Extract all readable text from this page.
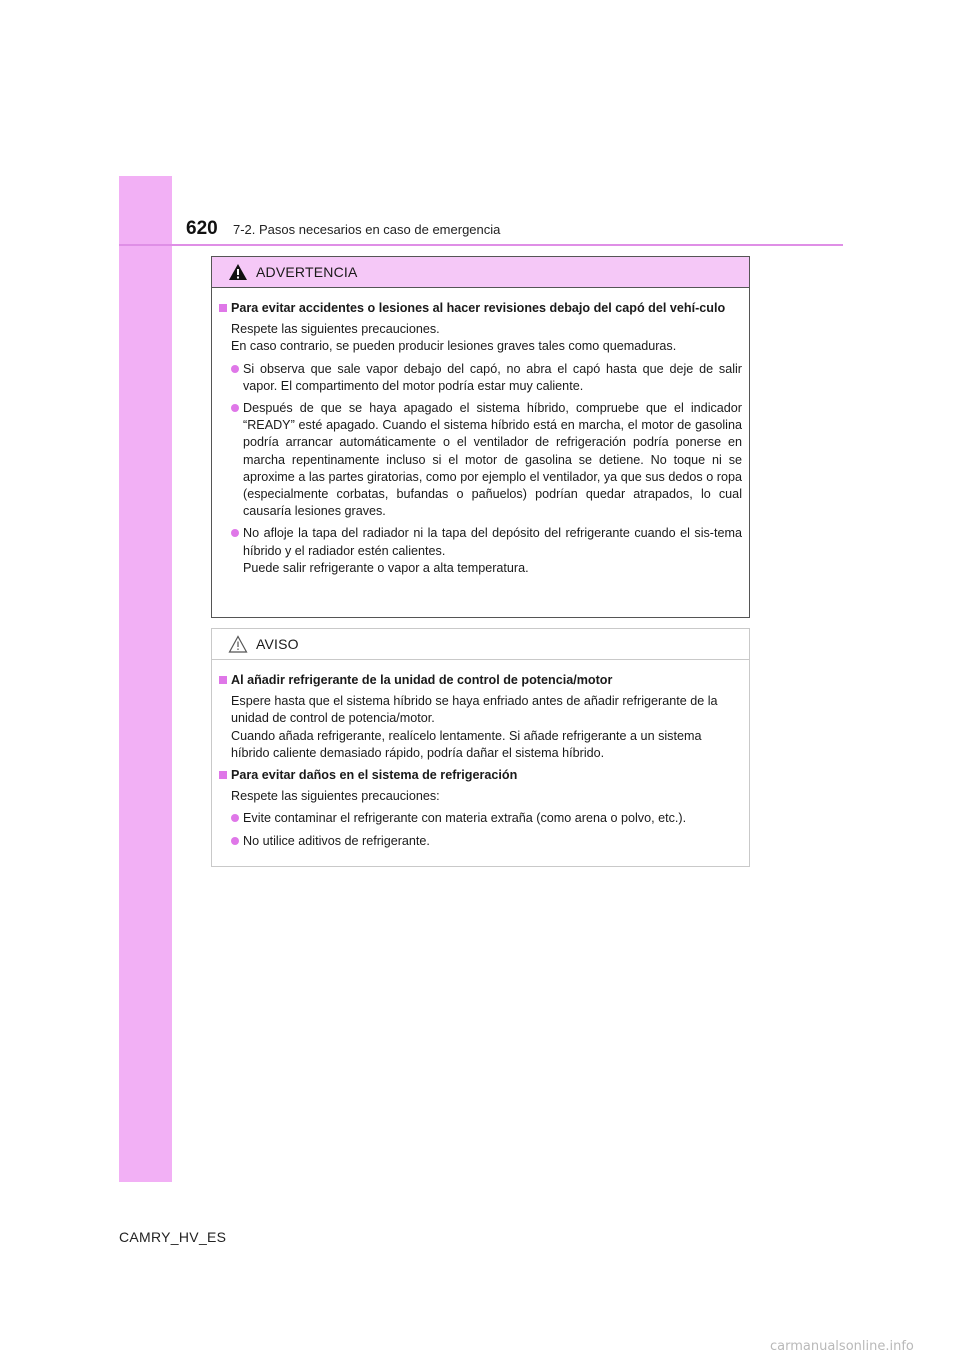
620 7-2. Pasos necesarios en caso de emergencia
ADVERTENCIA
Para evitar accidentes o lesiones al hacer revisiones debajo del capó del vehí-culo
Respete las siguientes precauciones.
En caso contrario, se pueden producir lesiones graves tales como quemaduras.
Si observa que sale vapor debajo del capó, no abra el capó hasta que deje de salir vapor. El compartimento del motor podría estar muy caliente.
Después de que se haya apagado el sistema híbrido, compruebe que el indicador “READY” esté apagado. Cuando el sistema híbrido está en marcha, el motor de gasolina podría arrancar automáticamente o el ventilador de refrigeración podría ponerse en marcha repentinamente incluso si el motor de gasolina se detiene. No toque ni se aproxime a las partes giratorias, como por ejemplo el ventilador, ya que sus dedos o ropa (especialmente corbatas, bufandas o pañuelos) podrían quedar atrapados, lo cual causaría lesiones graves.
No afloje la tapa del radiador ni la tapa del depósito del refrigerante cuando el sis-tema híbrido y el radiador estén calientes.
Puede salir refrigerante o vapor a alta temperatura.
AVISO
Al añadir refrigerante de la unidad de control de potencia/motor
Espere hasta que el sistema híbrido se haya enfriado antes de añadir refrigerante de la unidad de control de potencia/motor.
Cuando añada refrigerante, realícelo lentamente. Si añade refrigerante a un sistema híbrido caliente demasiado rápido, podría dañar el sistema híbrido.
Para evitar daños en el sistema de refrigeración
Respete las siguientes precauciones:
Evite contaminar el refrigerante con materia extraña (como arena o polvo, etc.).
No utilice aditivos de refrigerante.
CAMRY_HV_ES
carmanualsonline.info
